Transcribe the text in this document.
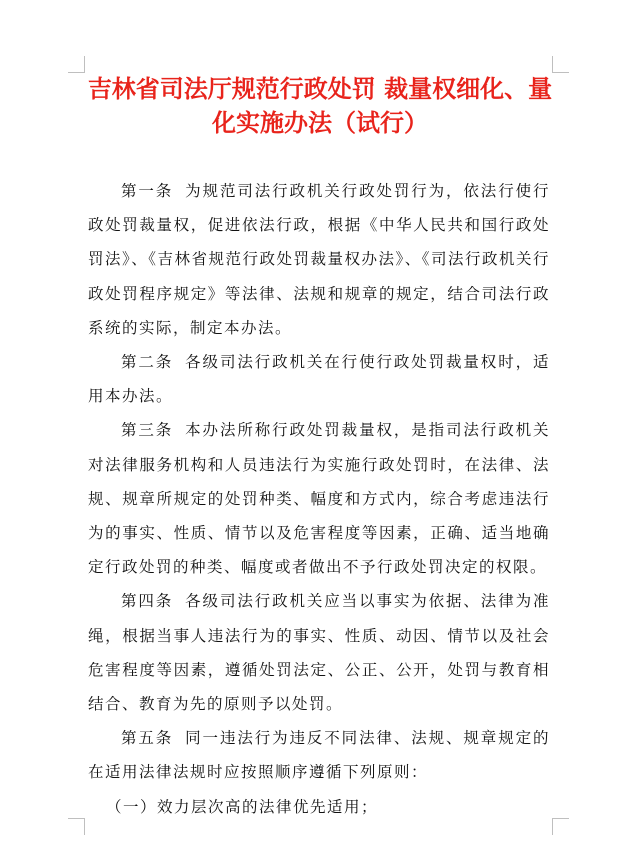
吉林省司法厅规范行政处罚 裁量权细化、量化实施办法（试行）

第一条 为规范司法行政机关行政处罚行为，依法行使行政处罚裁量权，促进依法行政，根据《中华人民共和国行政处罚法》、《吉林省规范行政处罚裁量权办法》、《司法行政机关行政处罚程序规定》等法律、法规和规章的规定，结合司法行政系统的实际，制定本办法。

第二条 各级司法行政机关在行使行政处罚裁量权时，适用本办法。

第三条 本办法所称行政处罚裁量权，是指司法行政机关对法律服务机构和人员违法行为实施行政处罚时，在法律、法规、规章所规定的处罚种类、幅度和方式内，综合考虑违法行为的事实、性质、情节以及危害程度等因素，正确、适当地确定行政处罚的种类、幅度或者做出不予行政处罚决定的权限。

第四条 各级司法行政机关应当以事实为依据、法律为准绳，根据当事人违法行为的事实、性质、动因、情节以及社会危害程度等因素，遵循处罚法定、公正、公开，处罚与教育相结合、教育为先的原则予以处罚。

第五条 同一违法行为违反不同法律、法规、规章规定的在适用法律法规时应按照顺序遵循下列原则：

（一）效力层次高的法律优先适用；
